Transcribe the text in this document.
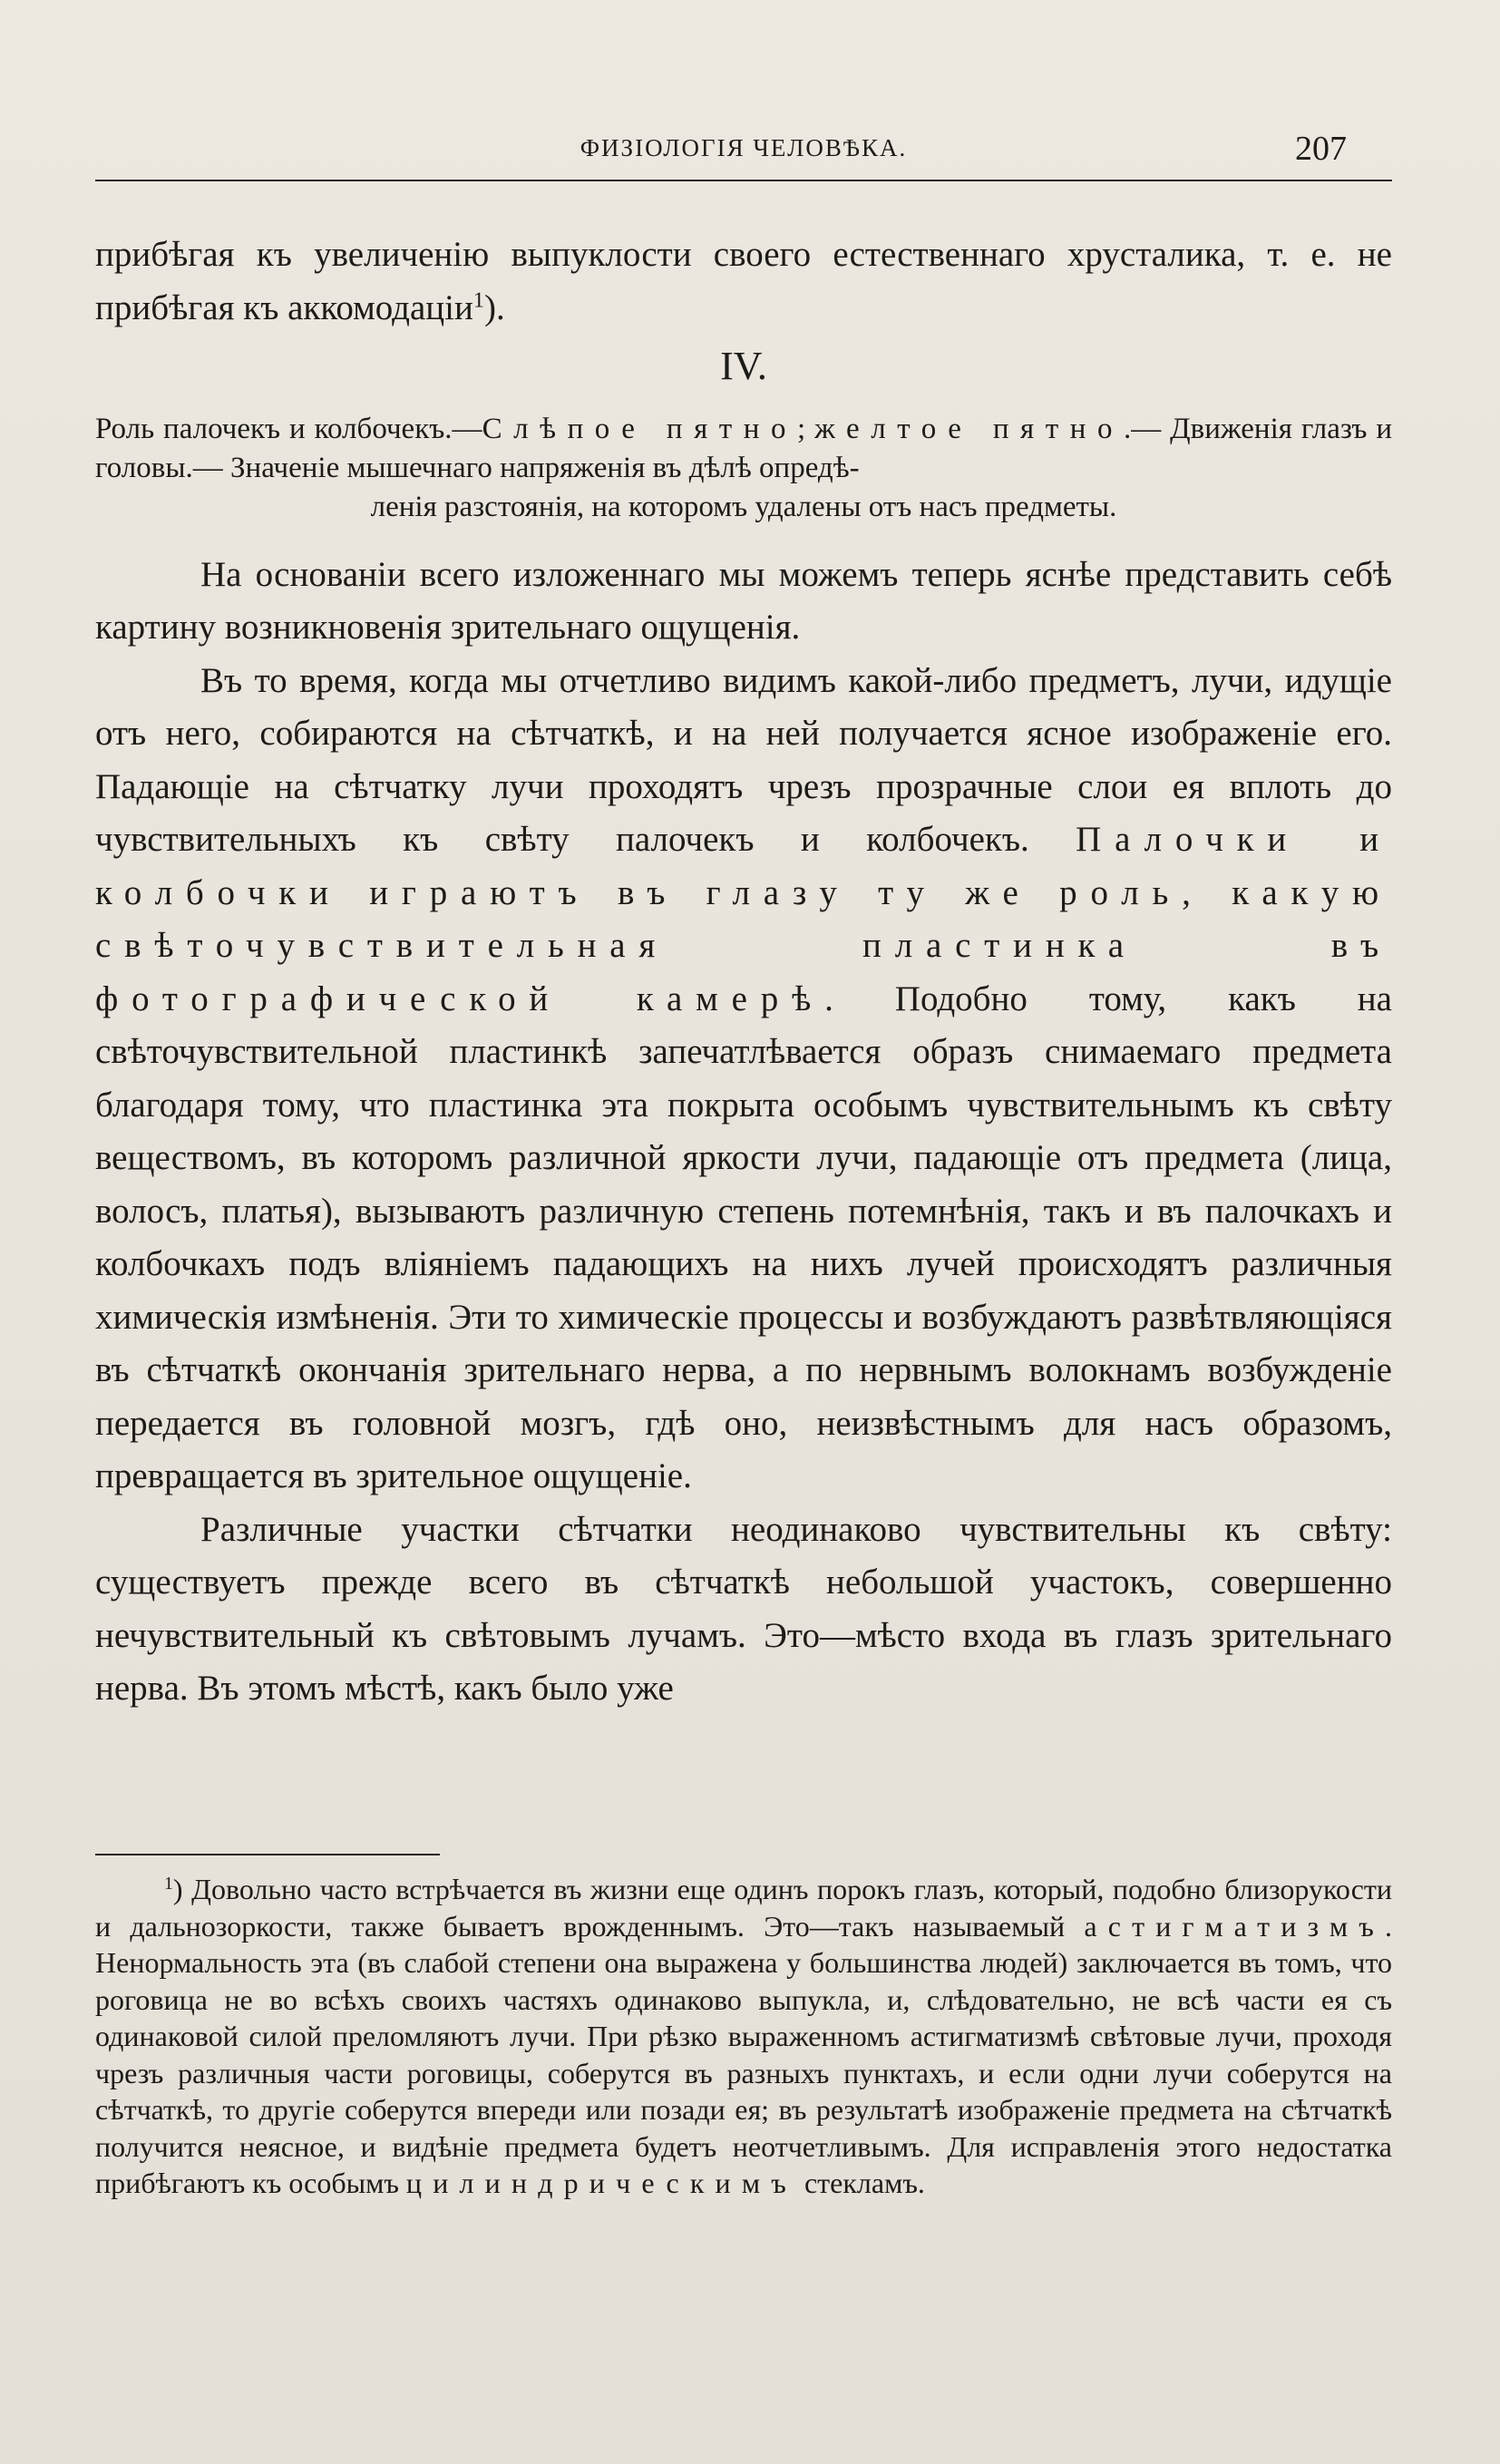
ФИЗIОЛОГIЯ ЧЕЛОВѢКА.	207

прибѣгая къ увеличенiю выпуклости своего естественнаго хрусталика, т. е. не прибѣгая къ аккомодацiи$^1$).

IV.
Роль палочекъ и колбочекъ.—Слѣпое пятно; желтое пятно.— Движенiя глазъ и головы.— Значенiе мышечнаго напряженiя въ дѣлѣ опредѣ-
ленiя разстоянiя, на которомъ удалены отъ насъ предметы.

На основанiи всего изложеннаго мы можемъ теперь яснѣе представить себѣ картину возникновенiя зрительнаго ощущенiя.

Въ то время, когда мы отчетливо видимъ какой-либо предметъ, лучи, идущiе отъ него, собираются на сѣтчаткѣ, и на ней получается ясное изображенiе его. Падающiе на сѣтчатку лучи проходятъ чрезъ прозрачные слои ея вплоть до чувствительныхъ къ свѣту палочекъ и колбочекъ. Палочки и колбочки играютъ въ глазу ту же роль, какую свѣточувствительная пластинка въ фотографической камерѣ. Подобно тому, какъ на свѣточувствительной пластинкѣ запечатлѣвается образъ снимаемаго предмета благодаря тому, что пластинка эта покрыта особымъ чувствительнымъ къ свѣту веществомъ, въ которомъ различной яркости лучи, падающiе отъ предмета (лица, волосъ, платья), вызываютъ различную степень потемнѣнiя, такъ и въ палочкахъ и колбочкахъ подъ влiянiемъ падающихъ на нихъ лучей происходятъ различныя химическiя измѣненiя. Эти то химическiе процессы и возбуждаютъ развѣтвляющiяся въ сѣтчаткѣ окончанiя зрительнаго нерва, а по нервнымъ волокнамъ возбужденiе передается въ головной мозгъ, гдѣ оно, неизвѣстнымъ для насъ образомъ, превращается въ зрительное ощущенiе.

Различные участки сѣтчатки неодинаково чувствительны къ свѣту: существуетъ прежде всего въ сѣтчаткѣ небольшой участокъ, совершенно нечувствительный къ свѣтовымъ лучамъ. Это—мѣсто входа въ глазъ зрительнаго нерва. Въ этомъ мѣстѣ, какъ было уже

$^1$) Довольно часто встрѣчается въ жизни еще одинъ порокъ глазъ, который, подобно близорукости и дальнозоркости, также бываетъ врожденнымъ. Это—такъ называемый астигматизмъ. Ненормальность эта (въ слабой степени она выражена у большинства людей) заключается въ томъ, что роговица не во всѣхъ своихъ частяхъ одинаково выпукла, и, слѣдовательно, не всѣ части ея съ одинаковой силой преломляютъ лучи. При рѣзко выраженномъ астигматизмѣ свѣтовые лучи, проходя чрезъ различныя части роговицы, соберутся въ разныхъ пунктахъ, и если одни лучи соберутся на сѣтчаткѣ, то другiе соберутся впереди или позади ея; въ результатѣ изображенiе предмета на сѣтчаткѣ получится неясное, и видѣнiе предмета будетъ неотчетливымъ. Для исправленiя этого недостатка прибѣгаютъ къ особымъ цилиндрическимъ стекламъ.
